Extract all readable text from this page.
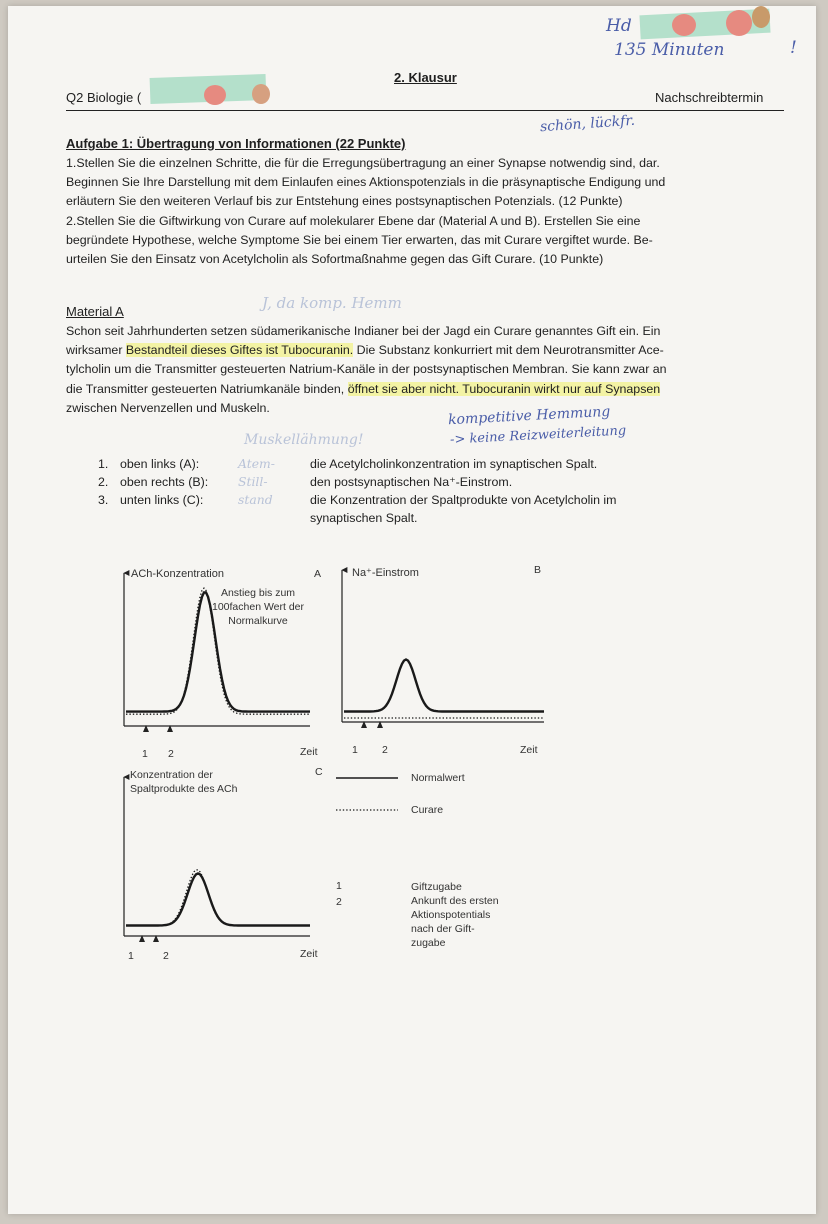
Hd
135 Minuten	!
2. Klausur
Q2 Biologie (	Nachschreibtermin
schön, lückfr.
Aufgabe 1: Übertragung von Informationen (22 Punkte)
1.Stellen Sie die einzelnen Schritte, die für die Erregungsübertragung an einer Synapse notwendig sind, dar.
Beginnen Sie Ihre Darstellung mit dem Einlaufen eines Aktionspotenzials in die präsynaptische Endigung und
erläutern Sie den weiteren Verlauf bis zur Entstehung eines postsynaptischen Potenzials. (12 Punkte)
2.Stellen Sie die Giftwirkung von Curare auf molekularer Ebene dar (Material A und B). Erstellen Sie eine
begründete Hypothese, welche Symptome Sie bei einem Tier erwarten, das mit Curare vergiftet wurde. Be-
urteilen Sie den Einsatz von Acetylcholin als Sofortmaßnahme gegen das Gift Curare. (10 Punkte)
Material A	J, da komp. Hemm
Schon seit Jahrhunderten setzen südamerikanische Indianer bei der Jagd ein Curare genanntes Gift ein. Ein
wirksamer Bestandteil dieses Giftes ist Tubocuranin. Die Substanz konkurriert mit dem Neurotransmitter Ace-
tylcholin um die Transmitter gesteuerten Natrium-Kanäle in der postsynaptischen Membran. Sie kann zwar an
die Transmitter gesteuerten Natriumkanäle binden, öffnet sie aber nicht. Tubocuranin wirkt nur auf Synapsen
zwischen Nervenzellen und Muskeln.	kompetitive Hemmung
-> keine Reizweiterleitung
Muskellähmung!
1. oben links (A):	Atem-	die Acetylcholinkonzentration im synaptischen Spalt.
2. oben rechts (B): Still-	den postsynaptischen Na⁺-Einstrom.
3. unten links (C):	stand	die Konzentration der Spaltprodukte von Acetylcholin im
synaptischen Spalt.
ACh-Konzentration	A
Anstieg bis zum 100fachen Wert der Normalkurve
Zeit
1 2
Na⁺-Einstrom	B
Zeit
1 2
C
Konzentration der Spaltprodukte des ACh
Zeit
1	2
Normalwert
Curare
1
2
Giftzugabe
Ankunft des ersten
Aktionspotentials
nach der Gift-
zugabe
